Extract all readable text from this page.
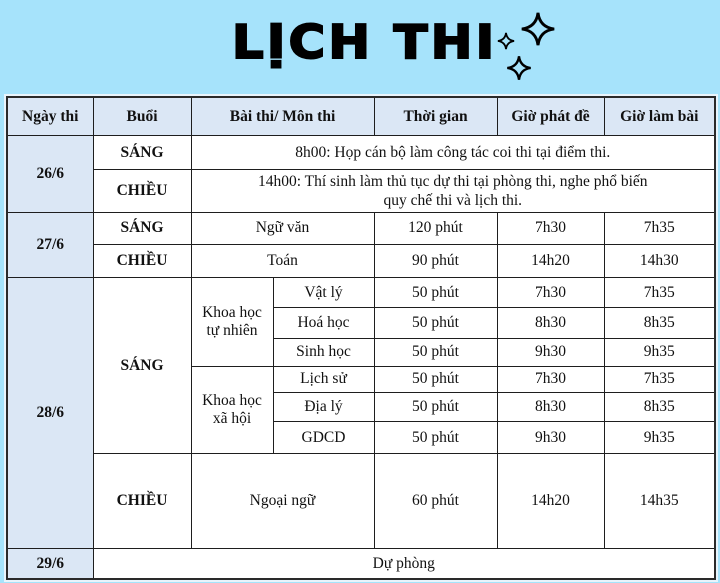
LỊCH THI
Ngày thi	Buổi	Bài thi/ Môn thi		Thời gian	Giờ phát đề	Giờ làm bài
26/6	SÁNG	8h00: Họp cán bộ làm công tác coi thi tại điểm thi.				
	CHIỀU	14h00: Thí sinh làm thủ tục dự thi tại phòng thi, nghe phổ biến
quy chế thi và lịch thi.				
27/6	SÁNG	Ngữ văn		120 phút	7h30	7h35
	CHIỀU	Toán		90 phút	14h20	14h30
28/6	SÁNG	Khoa học
tự nhiên	Vật lý	50 phút	7h30	7h35
			Hoá học	50 phút	8h30	8h35
			Sinh học	50 phút	9h30	9h35
		Khoa học
xã hội	Lịch sử	50 phút	7h30	7h35
			Địa lý	50 phút	8h30	8h35
			GDCD	50 phút	9h30	9h35
	CHIỀU	Ngoại ngữ		60 phút	14h20	14h35
29/6	Dự phòng					
